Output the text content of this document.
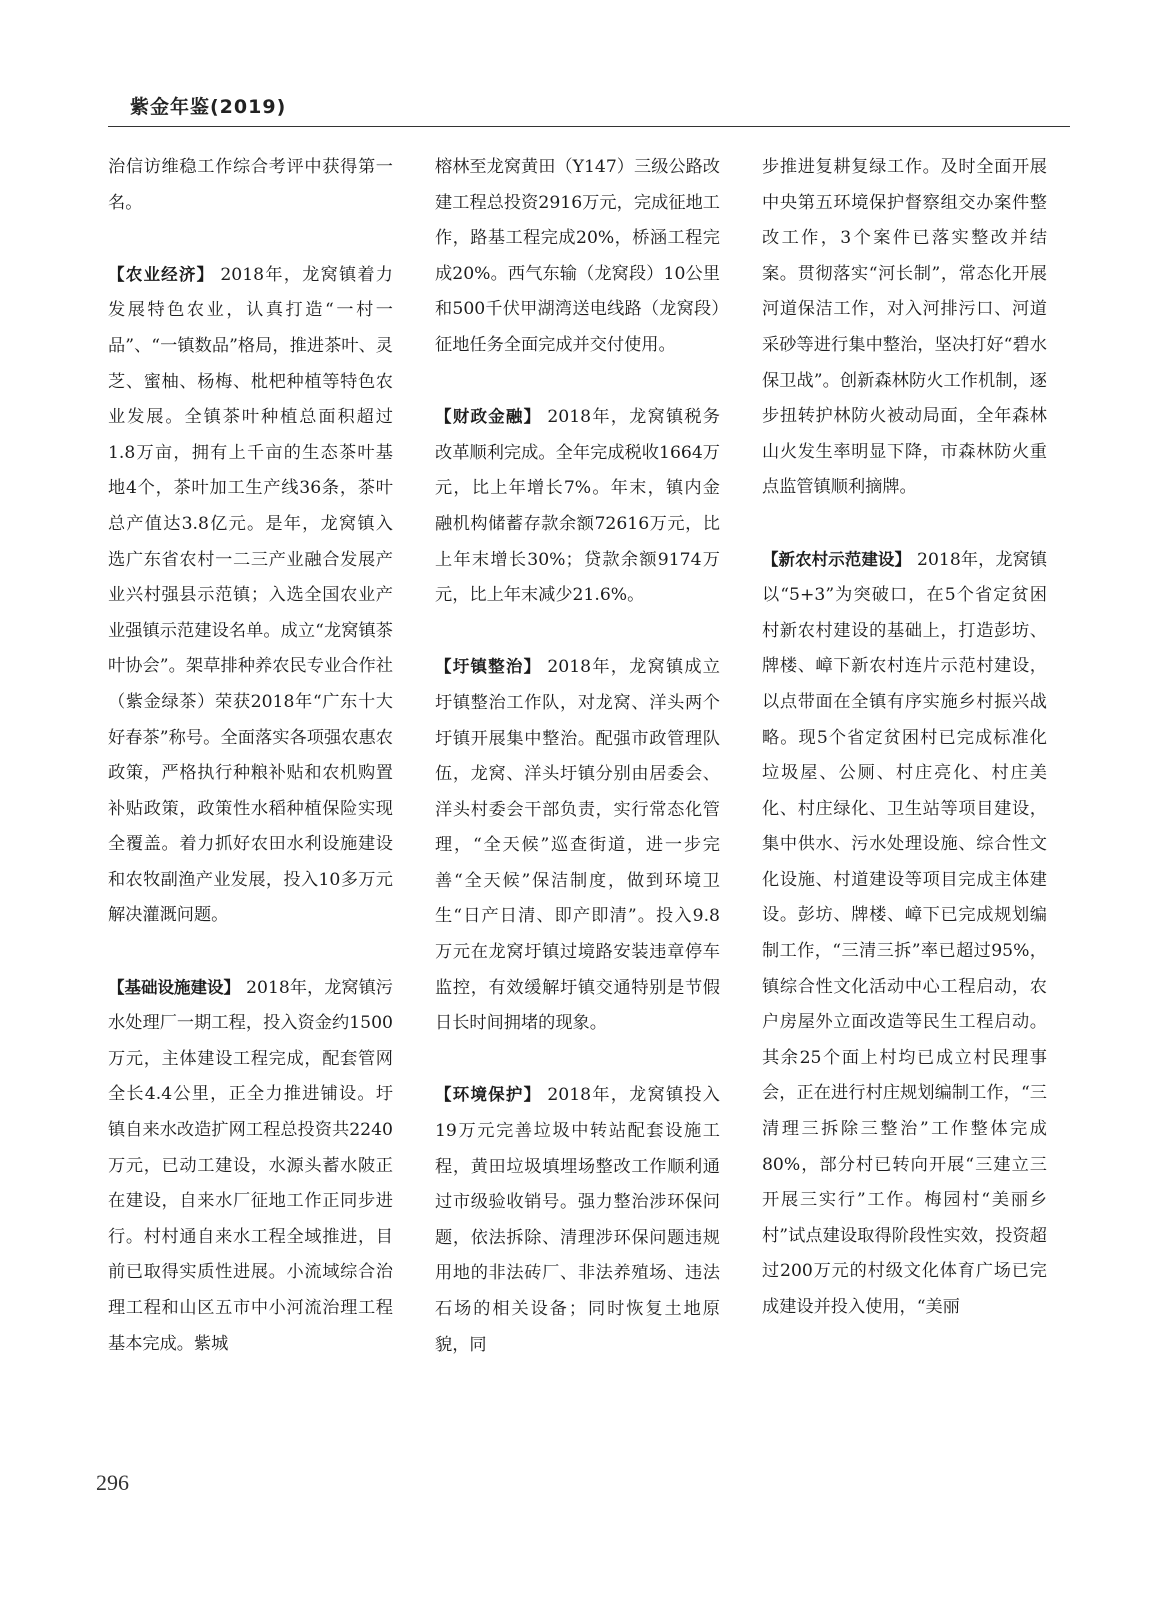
紫金年鉴(2019)

治信访维稳工作综合考评中获得第一名。

【农业经济】 2018年，龙窝镇着力发展特色农业，认真打造“一村一品”、“一镇数品”格局，推进茶叶、灵芝、蜜柚、杨梅、枇杷种植等特色农业发展。全镇茶叶种植总面积超过1.8万亩，拥有上千亩的生态茶叶基地4个，茶叶加工生产线36条，茶叶总产值达3.8亿元。是年，龙窝镇入选广东省农村一二三产业融合发展产业兴村强县示范镇；入选全国农业产业强镇示范建设名单。成立“龙窝镇茶叶协会”。架草排种养农民专业合作社（紫金绿茶）荣获2018年“广东十大好春茶”称号。全面落实各项强农惠农政策，严格执行种粮补贴和农机购置补贴政策，政策性水稻种植保险实现全覆盖。着力抓好农田水利设施建设和农牧副渔产业发展，投入10多万元解决灌溉问题。

【基础设施建设】 2018年，龙窝镇污水处理厂一期工程，投入资金约1500万元，主体建设工程完成，配套管网全长4.4公里，正全力推进铺设。圩镇自来水改造扩网工程总投资共2240万元，已动工建设，水源头蓄水陂正在建设，自来水厂征地工作正同步进行。村村通自来水工程全域推进，目前已取得实质性进展。小流域综合治理工程和山区五市中小河流治理工程基本完成。紫城

榕林至龙窝黄田（Y147）三级公路改建工程总投资2916万元，完成征地工作，路基工程完成20%，桥涵工程完成20%。西气东输（龙窝段）10公里和500千伏甲湖湾送电线路（龙窝段）征地任务全面完成并交付使用。

【财政金融】 2018年，龙窝镇税务改革顺利完成。全年完成税收1664万元，比上年增长7%。年末，镇内金融机构储蓄存款余额72616万元，比上年末增长30%；贷款余额9174万元，比上年末减少21.6%。

【圩镇整治】 2018年，龙窝镇成立圩镇整治工作队，对龙窝、洋头两个圩镇开展集中整治。配强市政管理队伍，龙窝、洋头圩镇分别由居委会、洋头村委会干部负责，实行常态化管理，“全天候”巡查街道，进一步完善“全天候”保洁制度，做到环境卫生“日产日清、即产即清”。投入9.8万元在龙窝圩镇过境路安装违章停车监控，有效缓解圩镇交通特别是节假日长时间拥堵的现象。

【环境保护】 2018年，龙窝镇投入19万元完善垃圾中转站配套设施工程，黄田垃圾填埋场整改工作顺利通过市级验收销号。强力整治涉环保问题，依法拆除、清理涉环保问题违规用地的非法砖厂、非法养殖场、违法石场的相关设备；同时恢复土地原貌，同

步推进复耕复绿工作。及时全面开展中央第五环境保护督察组交办案件整改工作，3个案件已落实整改并结案。贯彻落实“河长制”，常态化开展河道保洁工作，对入河排污口、河道采砂等进行集中整治，坚决打好“碧水保卫战”。创新森林防火工作机制，逐步扭转护林防火被动局面，全年森林山火发生率明显下降，市森林防火重点监管镇顺利摘牌。

【新农村示范建设】 2018年，龙窝镇以“5+3”为突破口，在5个省定贫困村新农村建设的基础上，打造彭坊、牌楼、嶂下新农村连片示范村建设，以点带面在全镇有序实施乡村振兴战略。现5个省定贫困村已完成标准化垃圾屋、公厕、村庄亮化、村庄美化、村庄绿化、卫生站等项目建设，集中供水、污水处理设施、综合性文化设施、村道建设等项目完成主体建设。彭坊、牌楼、嶂下已完成规划编制工作，“三清三拆”率已超过95%，镇综合性文化活动中心工程启动，农户房屋外立面改造等民生工程启动。其余25个面上村均已成立村民理事会，正在进行村庄规划编制工作，“三清理三拆除三整治”工作整体完成80%，部分村已转向开展“三建立三开展三实行”工作。梅园村“美丽乡村”试点建设取得阶段性实效，投资超过200万元的村级文化体育广场已完成建设并投入使用，“美丽

296
